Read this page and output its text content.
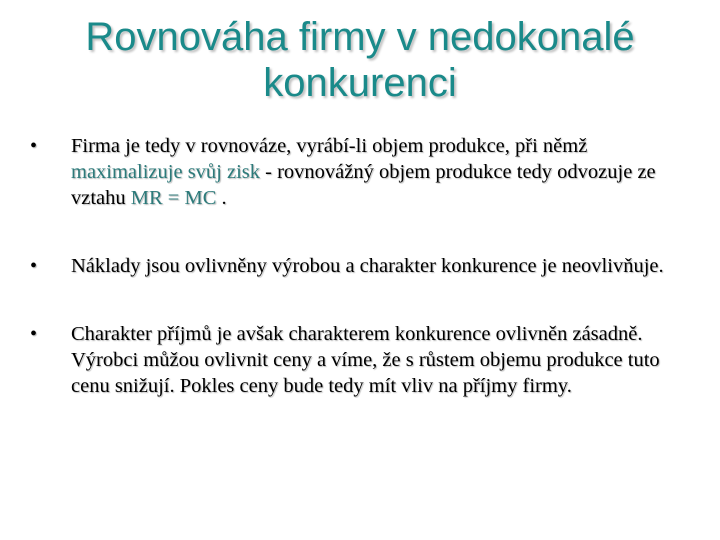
Rovnováha firmy v nedokonalé konkurenci
•	Firma je tedy v rovnováze, vyrábí-li objem produkce, při němž maximalizuje svůj zisk - rovnovážný objem produkce tedy odvozuje ze vztahu MR = MC .
•	Náklady jsou ovlivněny výrobou a charakter konkurence je neovlivňuje.
•	Charakter příjmů je avšak charakterem konkurence ovlivněn zásadně. Výrobci můžou ovlivnit ceny a víme, že s růstem objemu produkce tuto cenu snižují. Pokles ceny bude tedy mít vliv na příjmy firmy.
